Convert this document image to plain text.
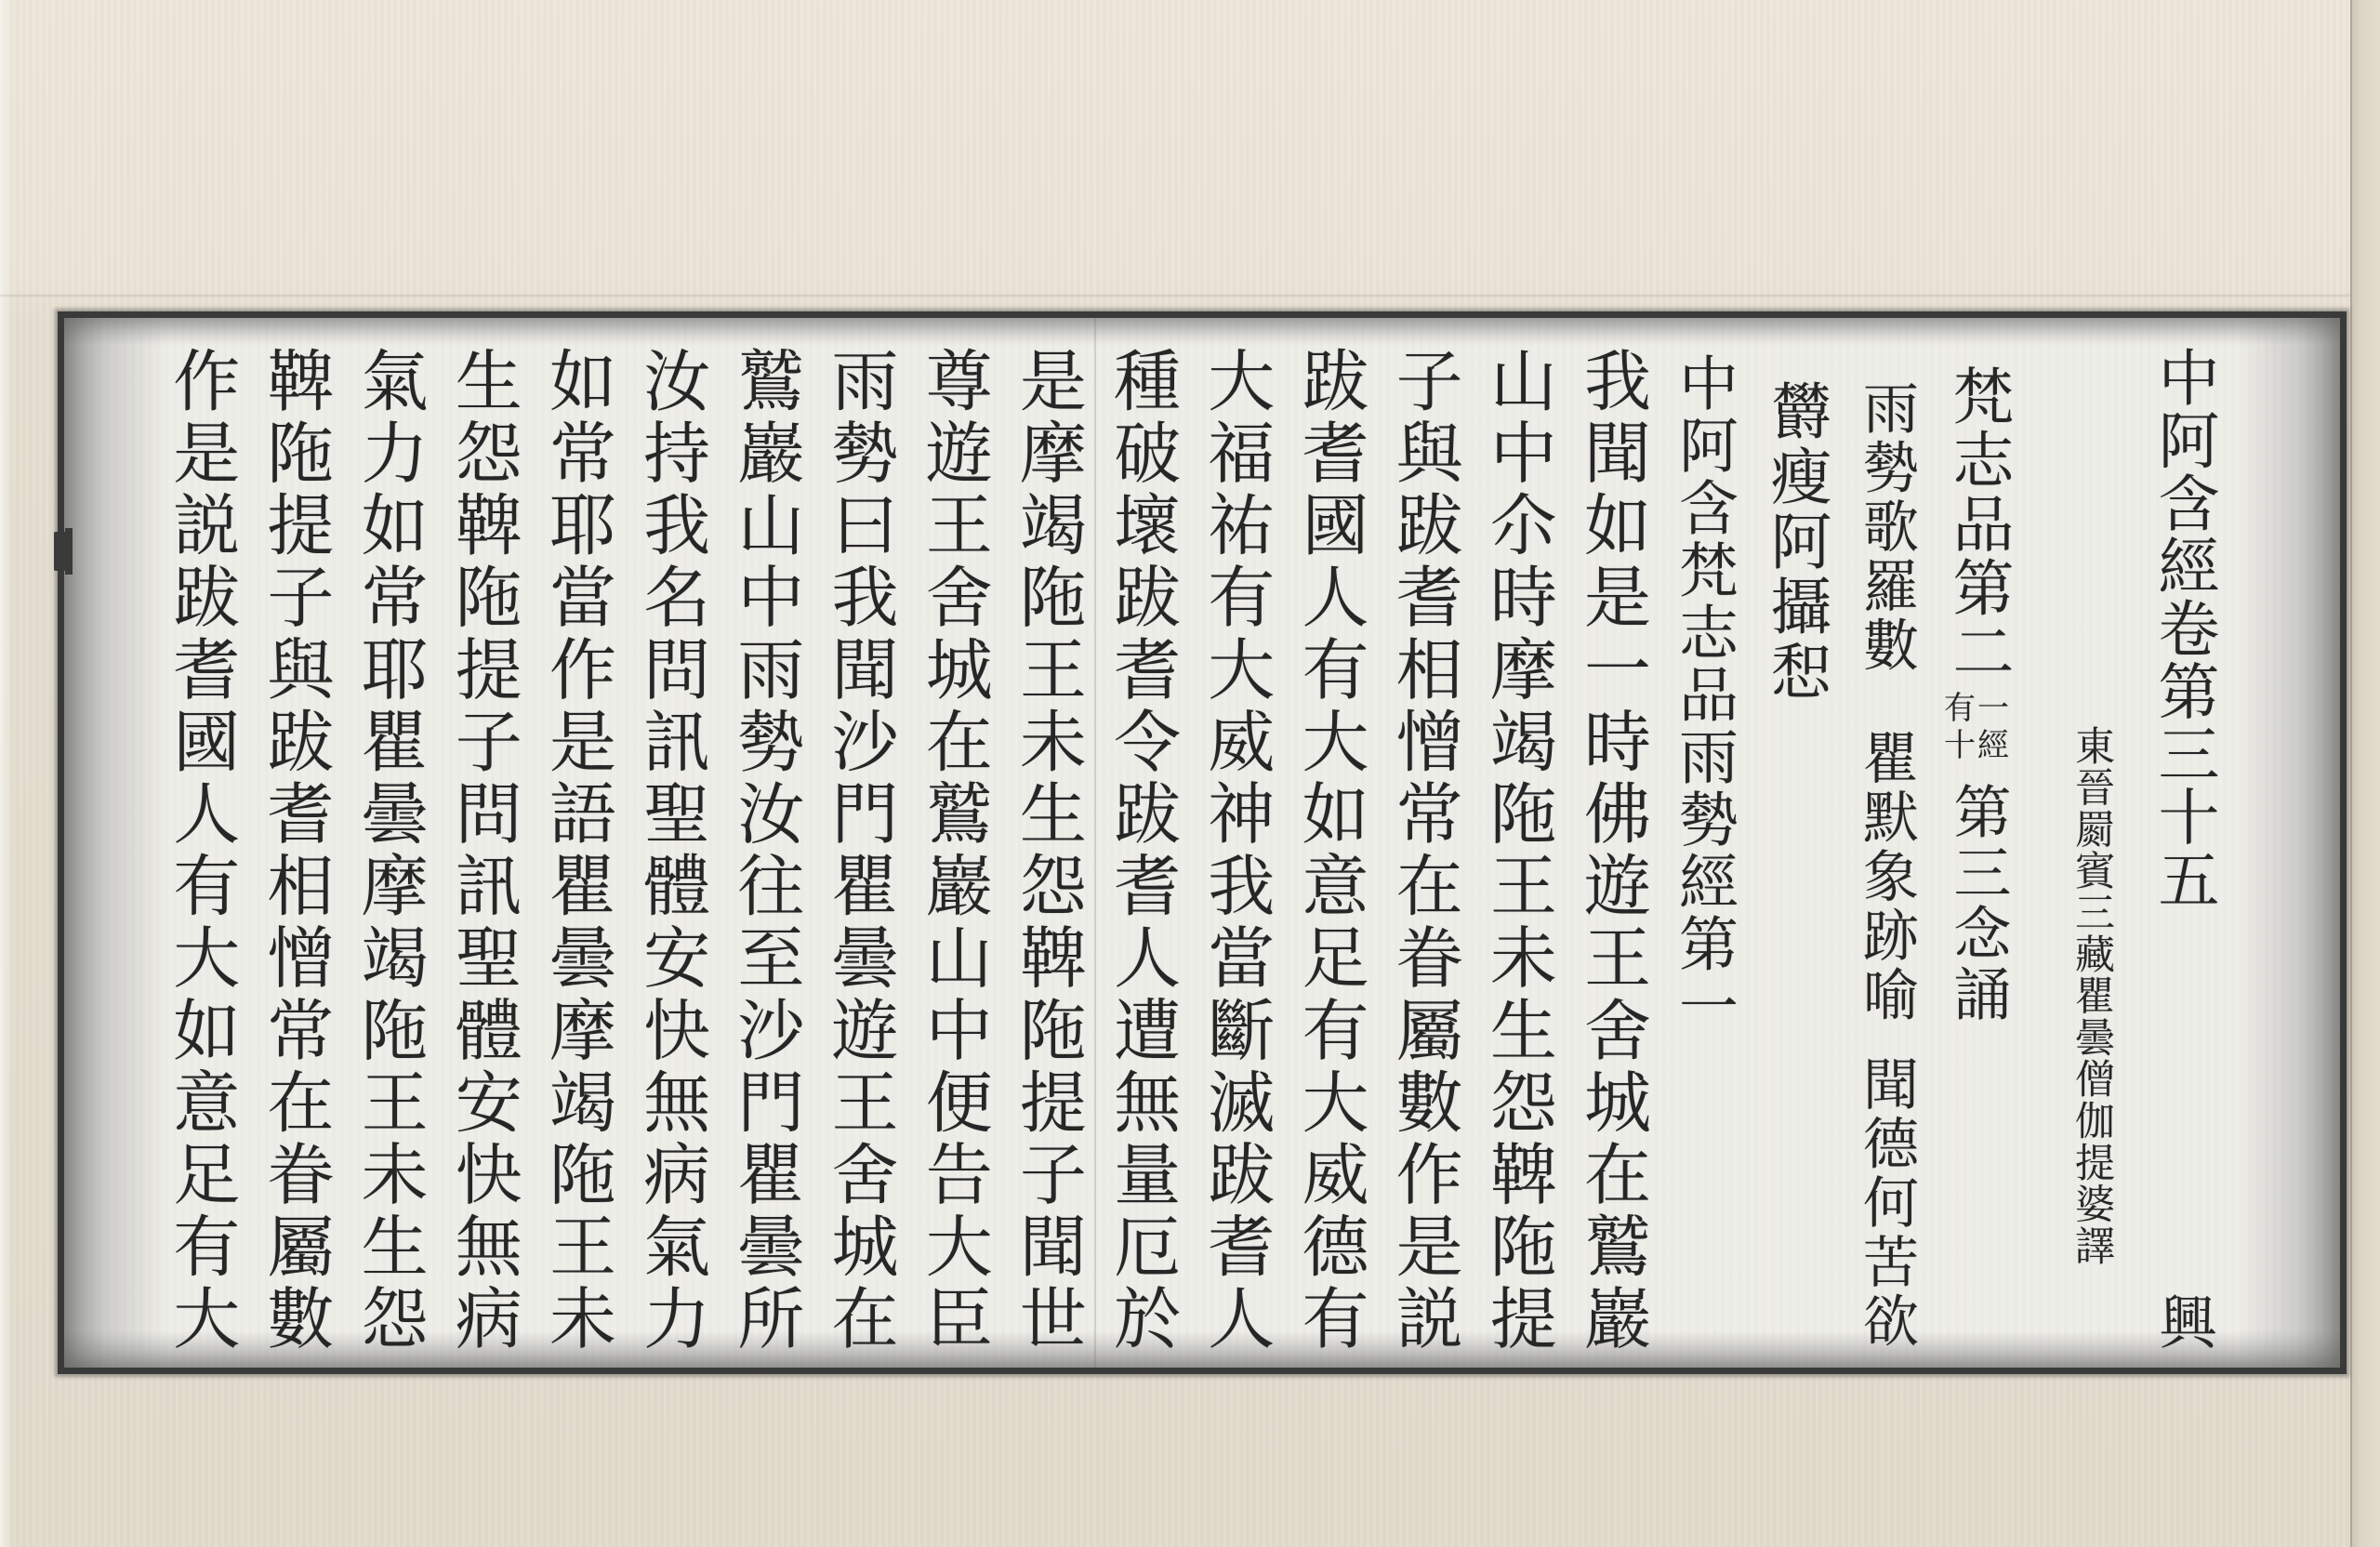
中阿含經卷第三十五
東晉罽賓三藏瞿曇僧伽提婆譯
梵志品第二
有一
十經
第三念誦
雨勢歌羅數
瞿默象跡喻
聞德何苦欲
欝瘦阿攝惒
中阿含梵志品雨勢經第一
我聞如是一時佛遊王舍城在鷲巖
山中尒時摩竭陁王未生怨鞞陁提
子與跋耆相憎常在眷屬數作是説
跋耆國人有大如意足有大威德有
大福祐有大威神我當斷滅跋耆人
種破壞跋耆令跋耆人遭無量厄於
是摩竭陁王未生怨鞞陁提子聞世
尊遊王舍城在鷲巖山中便告大臣
雨勢曰我聞沙門瞿曇遊王舍城在
鷲巖山中雨勢汝往至沙門瞿曇所
汝持我名問訊聖體安快無病氣力
如常耶當作是語瞿曇摩竭陁王未
生怨鞞陁提子問訊聖體安快無病
氣力如常耶瞿曇摩竭陁王未生怨
鞞陁提子與跋耆相憎常在眷屬數
作是説跋耆國人有大如意足有大	興
